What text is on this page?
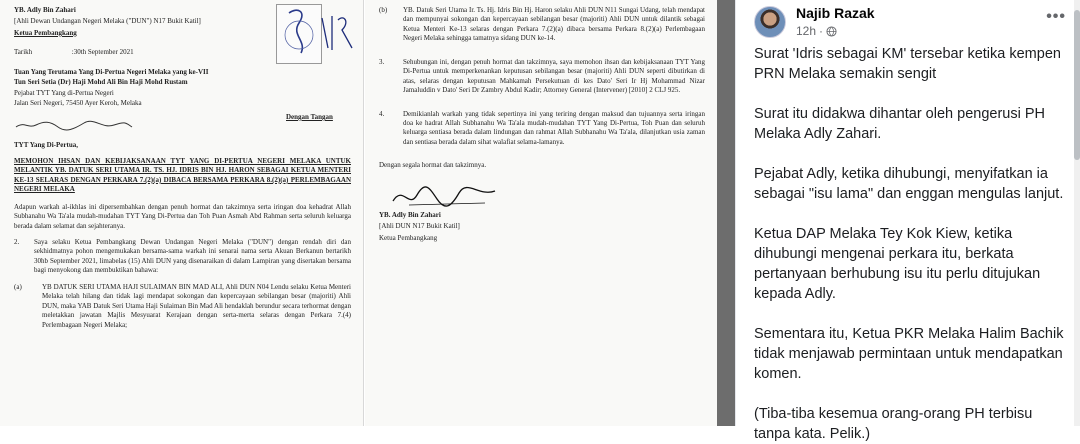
YB. Adly Bin Zahari
[Ahli Dewan Undangan Negeri Melaka ("DUN") N17 Bukit Katil]
Ketua Pembangkang
Tarikh	:30th September 2021
Tuan Yang Terutama Yang Di-Pertua Negeri Melaka yang ke-VII
Tun Seri Setia (Dr) Haji Mohd Ali Bin Haji Mohd Rustam
Pejabat TYT Yang di-Pertua Negeri
Jalan Seri Negeri, 75450 Ayer Keroh, Melaka
Dengan Tangan
TYT Yang Di-Pertua,
MEMOHON IHSAN DAN KEBIJAKSANAAN TYT YANG DI-PERTUA NEGERI MELAKA UNTUK MELANTIK YB. DATUK SERI UTAMA IR. TS. HJ. IDRIS BIN HJ. HARON SEBAGAI KETUA MENTERI KE-13 SELARAS DENGAN PERKARA 7.(2)(a) DIBACA BERSAMA PERKARA 8.(2)(a) PERLEMBAGAAN NEGERI MELAKA
Adapun warkah al-ikhlas ini dipersembahkan dengan penuh hormat dan takzimnya serta iringan doa kehadrat Allah Subhanahu Wa Ta'ala mudah-mudahan TYT Yang Di-Pertua dan Toh Puan Asmah Abd Rahman serta seluruh keluarga berada dalam selamat dan sejahteranya.
2.	Saya selaku Ketua Pembangkang Dewan Undangan Negeri Melaka ("DUN") dengan rendah diri dan sekhidmatnya pohon mengemukakan bersama-sama warkah ini senarai nama serta Akuan Berkanun bertarikh 30hb September 2021, limabelas (15) Ahli DUN yang disenaraikan di dalam Lampiran yang disertakan bersama bagi menyokong dan membuktikan bahawa:
(a)	YB DATUK SERI UTAMA HAJI SULAIMAN BIN MAD ALI, Ahli DUN N04 Lendu selaku Ketua Menteri Melaka telah hilang dan tidak lagi mendapat sokongan dan kepercayaan sebilangan besar (majoriti) Ahli DUN, maka YAB Datuk Seri Utama Haji Sulaiman Bin Mad Ali hendaklah berundur secara terhormat dengan meletakkan jawatan Majlis Mesyuarat Kerajaan dengan serta-merta selaras dengan Perkara 7.(4) Perlembagaan Negeri Melaka;
(b)	YB. Datuk Seri Utama Ir. Ts. Hj. Idris Bin Hj. Haron selaku Ahli DUN N11 Sungai Udang, telah mendapat dan mempunyai sokongan dan kepercayaan sebilangan besar (majoriti) Ahli DUN untuk dilantik sebagai Ketua Menteri Ke-13 selaras dengan Perkara 7.(2)(a) dibaca bersama Perkara 8.(2)(a) Perlembagaan Negeri Melaka sehingga tamatnya sidang DUN ke-14.
3.	Sehubungan ini, dengan penuh hormat dan takzimnya, saya memohon ihsan dan kebijaksanaan TYT Yang Di-Pertua untuk memperkenankan keputusan sebilangan besar (majoriti) Ahli DUN seperti dibutirkan di atas, selaras dengan keputusan Mahkamah Persekutuan di kes Dato' Seri Ir Hj Mohammad Nizar Jamaluddin v Dato' Seri Dr Zambry Abdul Kadir; Attorney General (Intervener) [2010] 2 CLJ 925.
4.	Demikianlah warkah yang tidak sepertinya ini yang teriring dengan maksud dan tujuannya serta iringan doa ke hadrat Allah Subhanahu Wa Ta'ala mudah-mudahan TYT Yang Di-Pertua, Toh Puan dan seluruh keluarga sentiasa berada dalam lindungan dan rahmat Allah Subhanahu Wa Ta'ala, dilanjutkan usia zaman dan sentiasa berada dalam sihat walafiat selama-lamanya.
Dengan segala hormat dan takzimnya.
YB. Adly Bin Zahari
[Ahli DUN N17 Bukit Katil]
Ketua Pembangkang
Najib Razak
12h ·
•••

Surat 'Idris sebagai KM' tersebar ketika kempen PRN Melaka semakin sengit

Surat itu didakwa dihantar oleh pengerusi PH Melaka Adly Zahari.

Pejabat Adly, ketika dihubungi, menyifatkan ia sebagai "isu lama" dan enggan mengulas lanjut.

Ketua DAP Melaka Tey Kok Kiew, ketika dihubungi mengenai perkara itu, berkata pertanyaan berhubung isu itu perlu ditujukan kepada Adly.

Sementara itu, Ketua PKR Melaka Halim Bachik tidak menjawab permintaan untuk mendapatkan komen.

(Tiba-tiba kesemua orang-orang PH terbisu tanpa kata. Pelik.)
